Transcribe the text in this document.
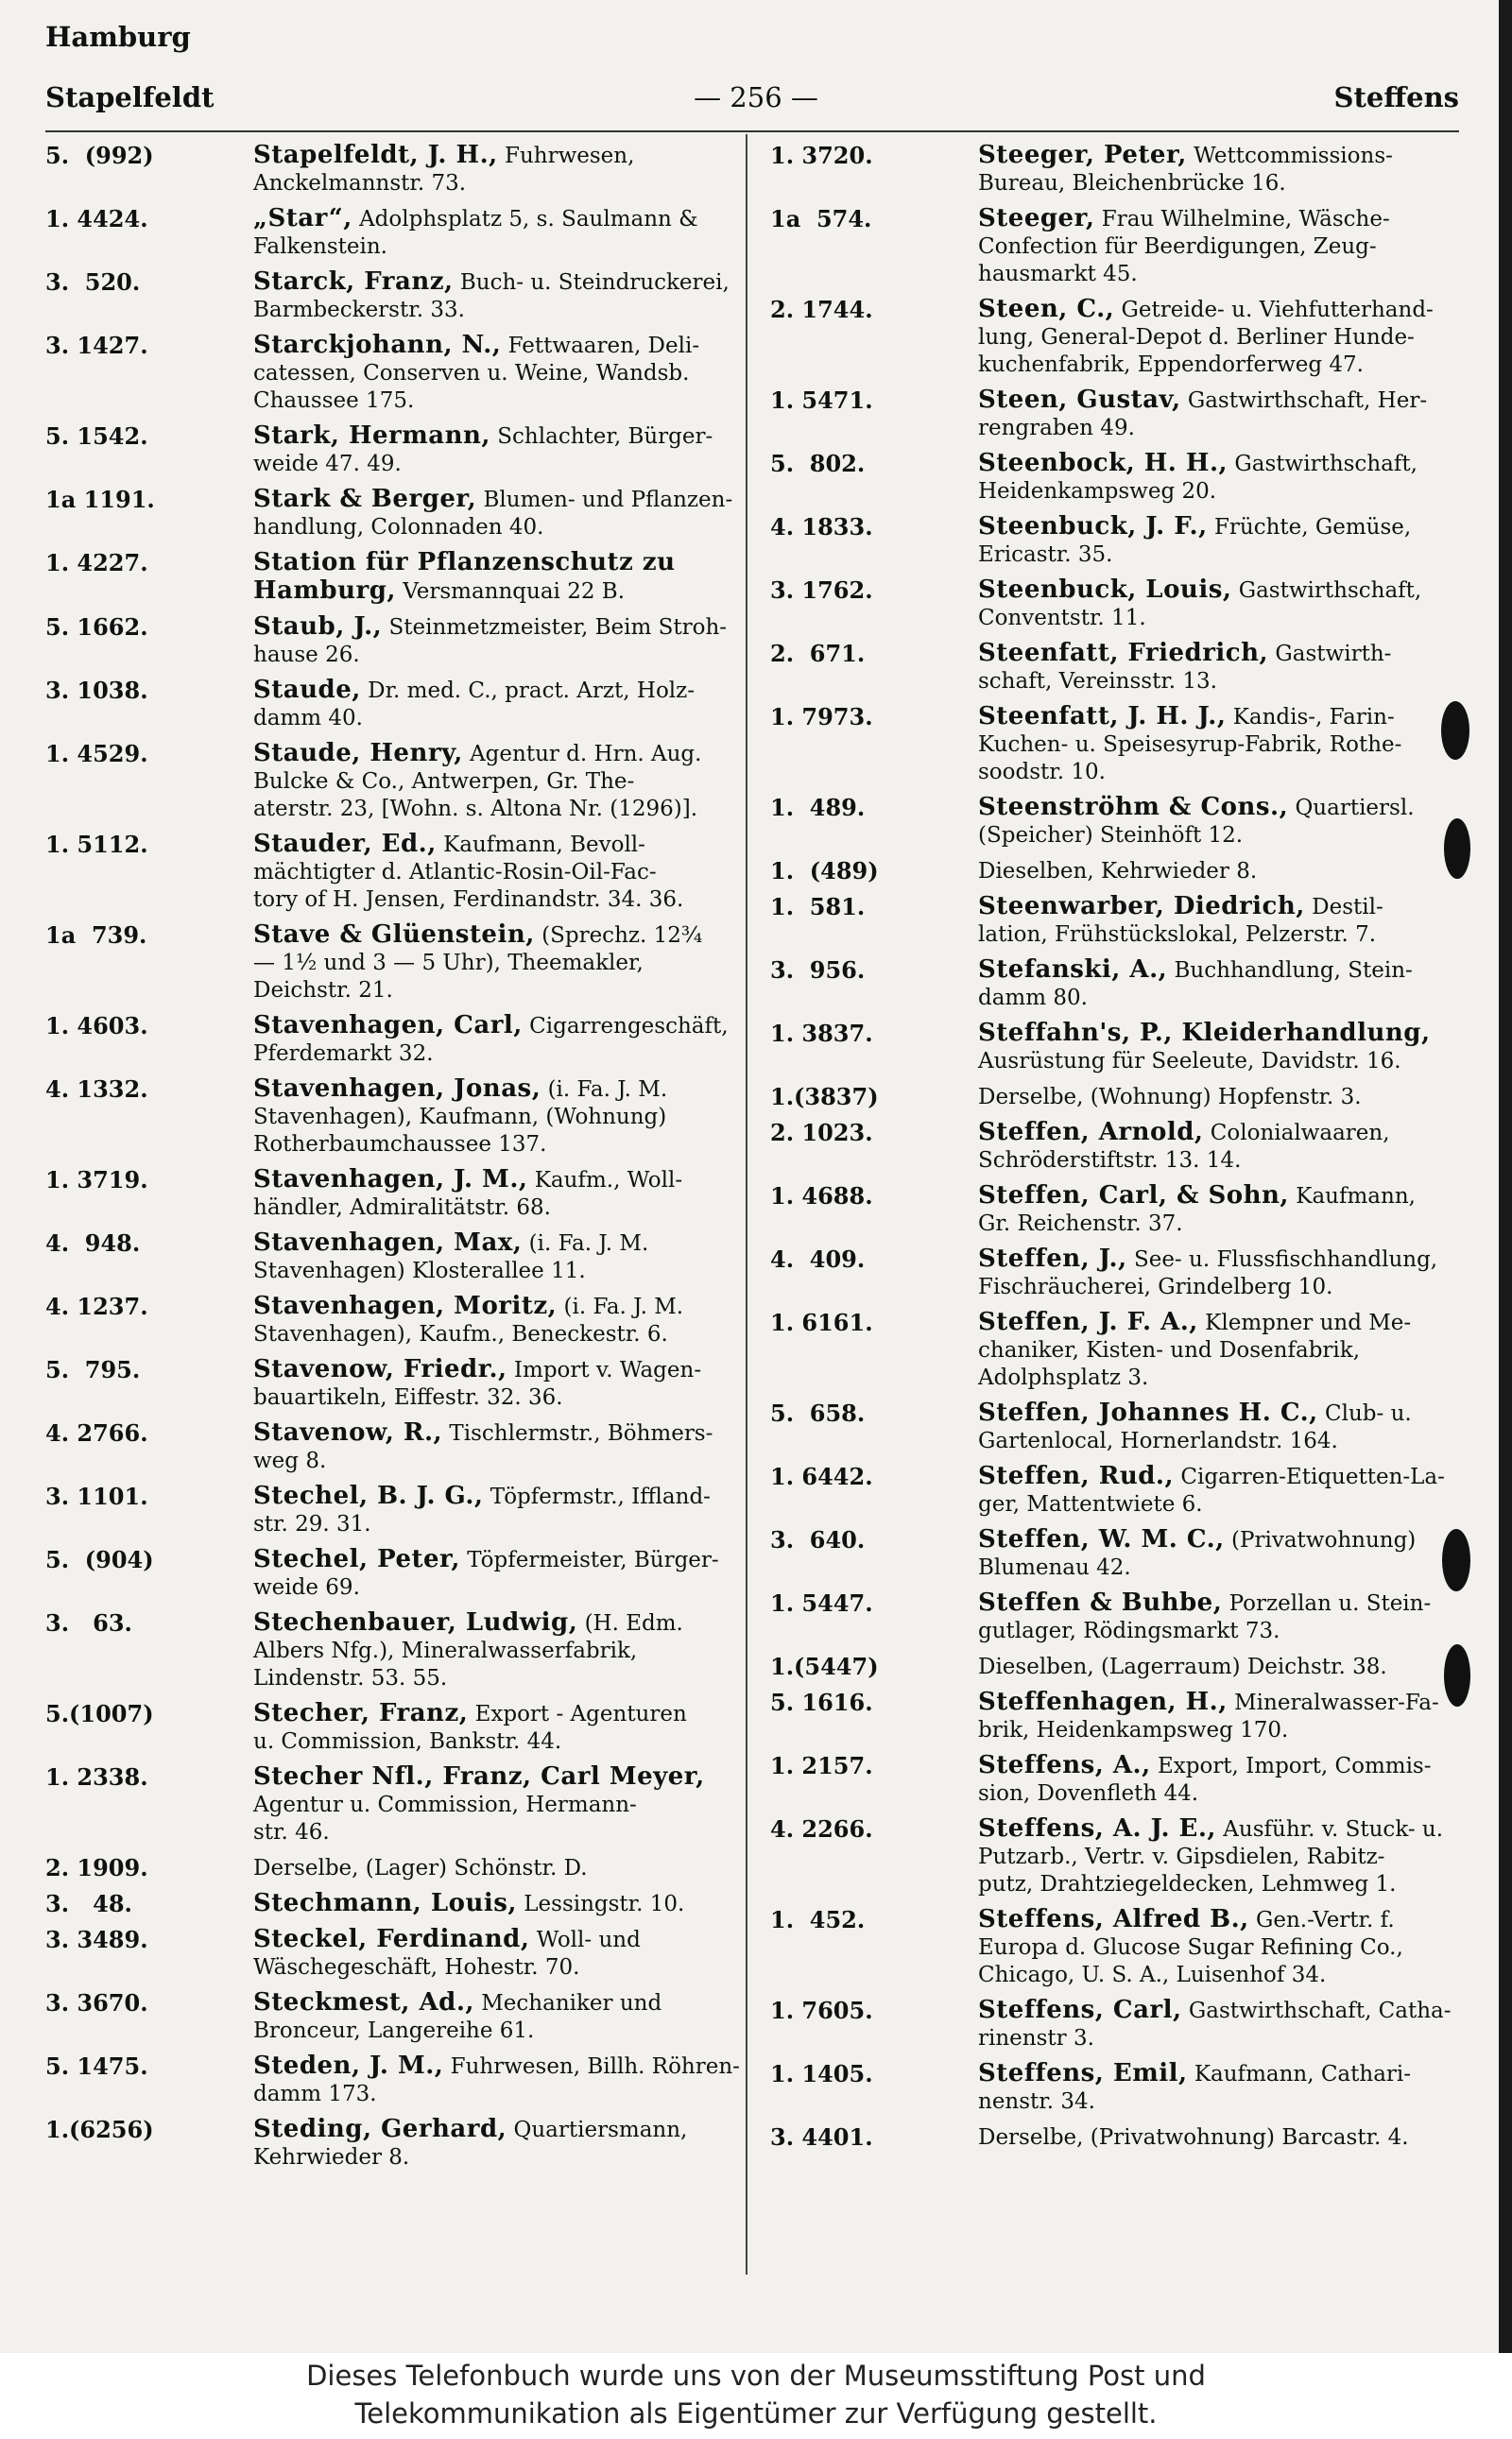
Hamburg
Stapelfeldt	— 256 —	Steffens
5.  (992)	Stapelfeldt, J. H., Fuhrwesen,
Anckelmannstr. 73.
1. 4424.	„Star“, Adolphsplatz 5, s. Saulmann &
Falkenstein.
3.  520.	Starck, Franz, Buch- u. Steindruckerei,
Barmbeckerstr. 33.
3. 1427.	Starckjohann, N., Fettwaaren, Deli-
catessen, Conserven u. Weine, Wandsb.
Chaussee 175.
5. 1542.	Stark, Hermann, Schlachter, Bürger-
weide 47. 49.
1a 1191.	Stark & Berger, Blumen- und Pflanzen-
handlung, Colonnaden 40.
1. 4227.	Station für Pflanzenschutz zu
Hamburg, Versmannquai 22 B.
5. 1662.	Staub, J., Steinmetzmeister, Beim Stroh-
hause 26.
3. 1038.	Staude, Dr. med. C., pract. Arzt, Holz-
damm 40.
1. 4529.	Staude, Henry, Agentur d. Hrn. Aug.
Bulcke & Co., Antwerpen, Gr. The-
aterstr. 23, [Wohn. s. Altona Nr. (1296)].
1. 5112.	Stauder, Ed., Kaufmann, Bevoll-
mächtigter d. Atlantic-Rosin-Oil-Fac-
tory of H. Jensen, Ferdinandstr. 34. 36.
1a  739.	Stave & Glüenstein, (Sprechz. 12¾
— 1½ und 3 — 5 Uhr), Theemakler,
Deichstr. 21.
1. 4603.	Stavenhagen, Carl, Cigarrengeschäft,
Pferdemarkt 32.
4. 1332.	Stavenhagen, Jonas, (i. Fa. J. M.
Stavenhagen), Kaufmann, (Wohnung)
Rotherbaumchaussee 137.
1. 3719.	Stavenhagen, J. M., Kaufm., Woll-
händler, Admiralitätstr. 68.
4.  948.	Stavenhagen, Max, (i. Fa. J. M.
Stavenhagen) Klosterallee 11.
4. 1237.	Stavenhagen, Moritz, (i. Fa. J. M.
Stavenhagen), Kaufm., Beneckestr. 6.
5.  795.	Stavenow, Friedr., Import v. Wagen-
bauartikeln, Eiffestr. 32. 36.
4. 2766.	Stavenow, R., Tischlermstr., Böhmers-
weg 8.
3. 1101.	Stechel, B. J. G., Töpfermstr., Iffland-
str. 29. 31.
5.  (904)	Stechel, Peter, Töpfermeister, Bürger-
weide 69.
3.   63.	Stechenbauer, Ludwig, (H. Edm.
Albers Nfg.), Mineralwasserfabrik,
Lindenstr. 53. 55.
5.(1007)	Stecher, Franz, Export - Agenturen
u. Commission, Bankstr. 44.
1. 2338.	Stecher Nfl., Franz, Carl Meyer,
Agentur u. Commission, Hermann-
str. 46.
2. 1909.	Derselbe, (Lager) Schönstr. D.
3.   48.	Stechmann, Louis, Lessingstr. 10.
3. 3489.	Steckel, Ferdinand, Woll- und
Wäschegeschäft, Hohestr. 70.
3. 3670.	Steckmest, Ad., Mechaniker und
Bronceur, Langereihe 61.
5. 1475.	Steden, J. M., Fuhrwesen, Billh. Röhren-
damm 173.
1.(6256)	Steding, Gerhard, Quartiersmann,
Kehrwieder 8.
1. 3720.	Steeger, Peter, Wettcommissions-
Bureau, Bleichenbrücke 16.
1a  574.	Steeger, Frau Wilhelmine, Wäsche-
Confection für Beerdigungen, Zeug-
hausmarkt 45.
2. 1744.	Steen, C., Getreide- u. Viehfutterhand-
lung, General-Depot d. Berliner Hunde-
kuchenfabrik, Eppendorferweg 47.
1. 5471.	Steen, Gustav, Gastwirthschaft, Her-
rengraben 49.
5.  802.	Steenbock, H. H., Gastwirthschaft,
Heidenkampsweg 20.
4. 1833.	Steenbuck, J. F., Früchte, Gemüse,
Ericastr. 35.
3. 1762.	Steenbuck, Louis, Gastwirthschaft,
Conventstr. 11.
2.  671.	Steenfatt, Friedrich, Gastwirth-
schaft, Vereinsstr. 13.
1. 7973.	Steenfatt, J. H. J., Kandis-, Farin-
Kuchen- u. Speisesyrup-Fabrik, Rothe-
soodstr. 10.
1.  489.	Steenströhm & Cons., Quartiersl.
(Speicher) Steinhöft 12.
1.  (489)	Dieselben, Kehrwieder 8.
1.  581.	Steenwarber, Diedrich, Destil-
lation, Frühstückslokal, Pelzerstr. 7.
3.  956.	Stefanski, A., Buchhandlung, Stein-
damm 80.
1. 3837.	Steffahn's, P., Kleiderhandlung,
Ausrüstung für Seeleute, Davidstr. 16.
1.(3837)	Derselbe, (Wohnung) Hopfenstr. 3.
2. 1023.	Steffen, Arnold, Colonialwaaren,
Schröderstiftstr. 13. 14.
1. 4688.	Steffen, Carl, & Sohn, Kaufmann,
Gr. Reichenstr. 37.
4.  409.	Steffen, J., See- u. Flussfischhandlung,
Fischräucherei, Grindelberg 10.
1. 6161.	Steffen, J. F. A., Klempner und Me-
chaniker, Kisten- und Dosenfabrik,
Adolphsplatz 3.
5.  658.	Steffen, Johannes H. C., Club- u.
Gartenlocal, Hornerlandstr. 164.
1. 6442.	Steffen, Rud., Cigarren-Etiquetten-La-
ger, Mattentwiete 6.
3.  640.	Steffen, W. M. C., (Privatwohnung)
Blumenau 42.
1. 5447.	Steffen & Buhbe, Porzellan u. Stein-
gutlager, Rödingsmarkt 73.
1.(5447)	Dieselben, (Lagerraum) Deichstr. 38.
5. 1616.	Steffenhagen, H., Mineralwasser-Fa-
brik, Heidenkampsweg 170.
1. 2157.	Steffens, A., Export, Import, Commis-
sion, Dovenfleth 44.
4. 2266.	Steffens, A. J. E., Ausführ. v. Stuck- u.
Putzarb., Vertr. v. Gipsdielen, Rabitz-
putz, Drahtziegeldecken, Lehmweg 1.
1.  452.	Steffens, Alfred B., Gen.-Vertr. f.
Europa d. Glucose Sugar Refining Co.,
Chicago, U. S. A., Luisenhof 34.
1. 7605.	Steffens, Carl, Gastwirthschaft, Catha-
rinenstr 3.
1. 1405.	Steffens, Emil, Kaufmann, Cathari-
nenstr. 34.
3. 4401.	Derselbe, (Privatwohnung) Barcastr. 4.
Dieses Telefonbuch wurde uns von der Museumsstiftung Post und
Telekommunikation als Eigentümer zur Verfügung gestellt.
